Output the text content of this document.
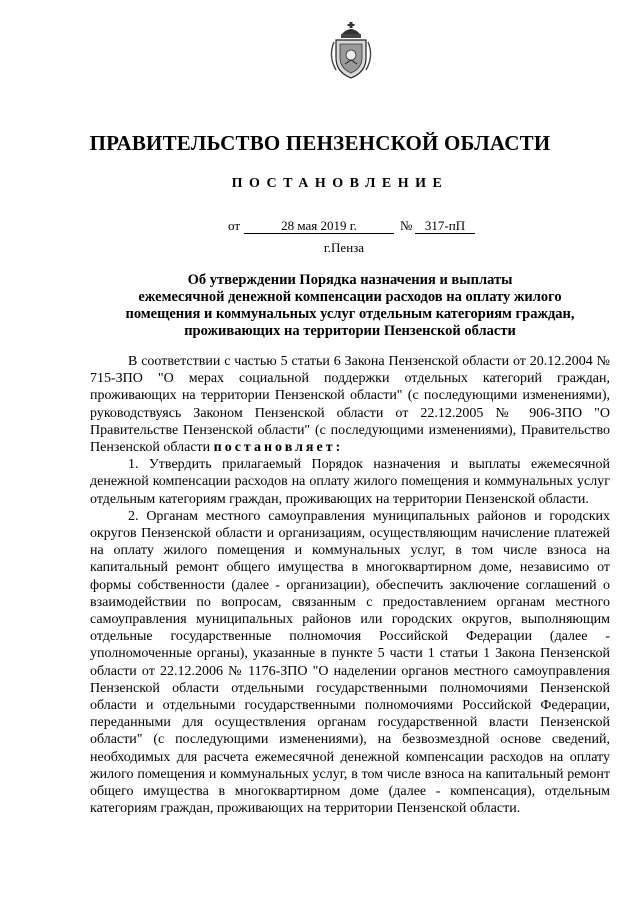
ПРАВИТЕЛЬСТВО ПЕНЗЕНСКОЙ ОБЛАСТИ
ПОСТАНОВЛЕНИЕ
от	28 мая 2019 г.	№ 317-пП
г.Пенза
Об утверждении Порядка назначения и выплаты
ежемесячной денежной компенсации расходов на оплату жилого
помещения и коммунальных услуг отдельным категориям граждан,
проживающих на территории Пензенской области

В соответствии с частью 5 статьи 6 Закона Пензенской области от 20.12.2004 № 715-ЗПО "О мерах социальной поддержки отдельных категорий граждан, проживающих на территории Пензенской области" (с последующими изменениями), руководствуясь Законом Пензенской области от 22.12.2005 № 906-ЗПО "О Правительстве Пензенской области" (с последующими изменениями), Правительство Пензенской области постановляет:

1. Утвердить прилагаемый Порядок назначения и выплаты ежемесячной денежной компенсации расходов на оплату жилого помещения и коммунальных услуг отдельным категориям граждан, проживающих на территории Пензенской области.

2. Органам местного самоуправления муниципальных районов и городских округов Пензенской области и организациям, осуществляющим начисление платежей на оплату жилого помещения и коммунальных услуг, в том числе взноса на капитальный ремонт общего имущества в многоквартирном доме, независимо от формы собственности (далее - организации), обеспечить заключение соглашений о взаимодействии по вопросам, связанным с предоставлением органам местного самоуправления муниципальных районов или городских округов, выполняющим отдельные государственные полномочия Российской Федерации (далее - уполномоченные органы), указанные в пункте 5 части 1 статьи 1 Закона Пензенской области от 22.12.2006 № 1176-ЗПО "О наделении органов местного самоуправления Пензенской области отдельными государственными полномочиями Пензенской области и отдельными государственными полномочиями Российской Федерации, переданными для осуществления органам государственной власти Пензенской области" (с последующими изменениями), на безвозмездной основе сведений, необходимых для расчета ежемесячной денежной компенсации расходов на оплату жилого помещения и коммунальных услуг, в том числе взноса на капитальный ремонт общего имущества в многоквартирном доме (далее - компенсация), отдельным категориям граждан, проживающих на территории Пензенской области.
